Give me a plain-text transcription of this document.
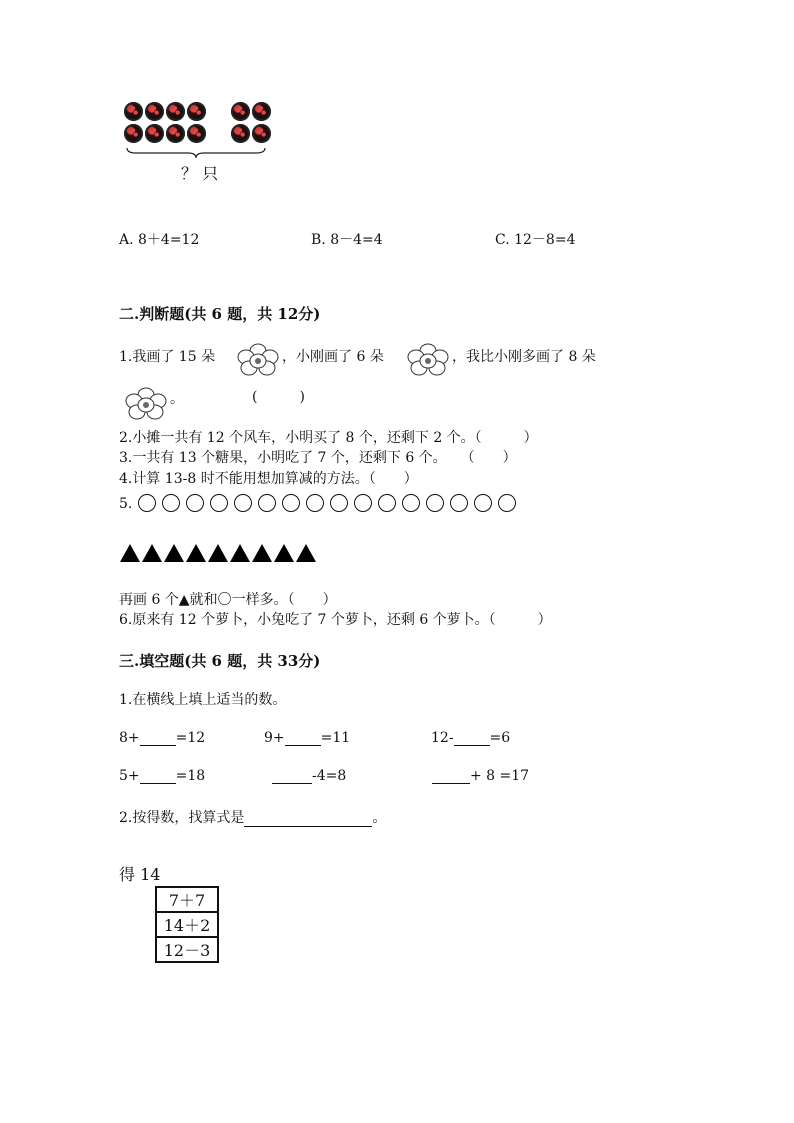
？ 只
A. 8＋4=12	B. 8－4=4	C. 12－8=4
二.判断题(共 6 题，共 12分)
1.我画了 15 朵	，小刚画了 6 朵	，我比小刚多画了 8 朵
。	(　　　)
2.小摊一共有 12 个风车，小明买了 8 个，还剩下 2 个。（　　　）
3.一共有 13 个糖果，小明吃了 7 个，还剩下 6 个。　　（　　）
4.计算 13-8 时不能用想加算减的方法。（　　）
5.
再画 6 个▲就和〇一样多。（　　）
6.原来有 12 个萝卜，小兔吃了 7 个萝卜，还剩 6 个萝卜。（　　　）
三.填空题(共 6 题，共 33分)
1.在横线上填上适当的数。
8+	=12	9+	=11	12-	=6
5+	=18	-4=8	+ 8 =17
2.按得数，找算式是	。
得 14
7＋7
14＋2
12－3
